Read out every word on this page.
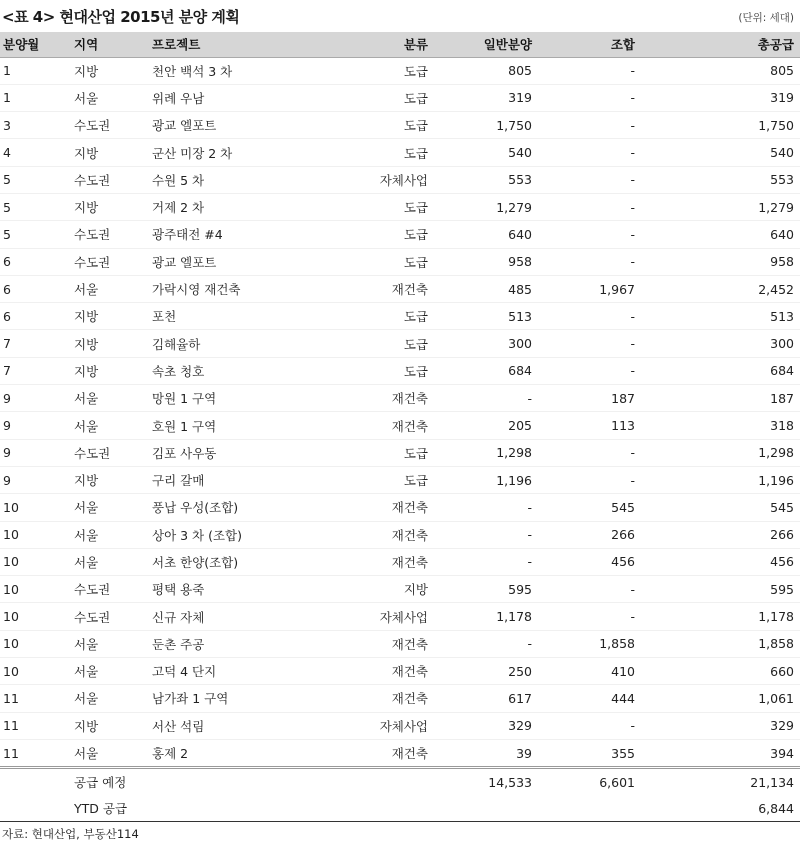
<표 4> 현대산업 2015년 분양 계획	(단위: 세대)
분양월	지역	프로젝트	분류	일반분양	조합	총공급
1	지방	천안 백석 3 차	도급	805	-	805
1	서울	위례 우남	도급	319	-	319
3	수도권	광교 엘포트	도급	1,750	-	1,750
4	지방	군산 미장 2 차	도급	540	-	540
5	수도권	수원 5 차	자체사업	553	-	553
5	지방	거제 2 차	도급	1,279	-	1,279
5	수도권	광주태전 #4	도급	640	-	640
6	수도권	광교 엘포트	도급	958	-	958
6	서울	가락시영 재건축	재건축	485	1,967	2,452
6	지방	포천	도급	513	-	513
7	지방	김해율하	도급	300	-	300
7	지방	속초 청호	도급	684	-	684
9	서울	망원 1 구역	재건축	-	187	187
9	서울	호원 1 구역	재건축	205	113	318
9	수도권	김포 사우동	도급	1,298	-	1,298
9	지방	구리 갈매	도급	1,196	-	1,196
10	서울	풍납 우성(조합)	재건축	-	545	545
10	서울	상아 3 차 (조합)	재건축	-	266	266
10	서울	서초 한양(조합)	재건축	-	456	456
10	수도권	평택 용죽	지방	595	-	595
10	수도권	신규 자체	자체사업	1,178	-	1,178
10	서울	둔촌 주공	재건축	-	1,858	1,858
10	서울	고덕 4 단지	재건축	250	410	660
11	서울	남가좌 1 구역	재건축	617	444	1,061
11	지방	서산 석림	자체사업	329	-	329
11	서울	홍제 2	재건축	39	355	394
	공급 예정			14,533	6,601	21,134
	YTD 공급					6,844
자료: 현대산업, 부동산114
